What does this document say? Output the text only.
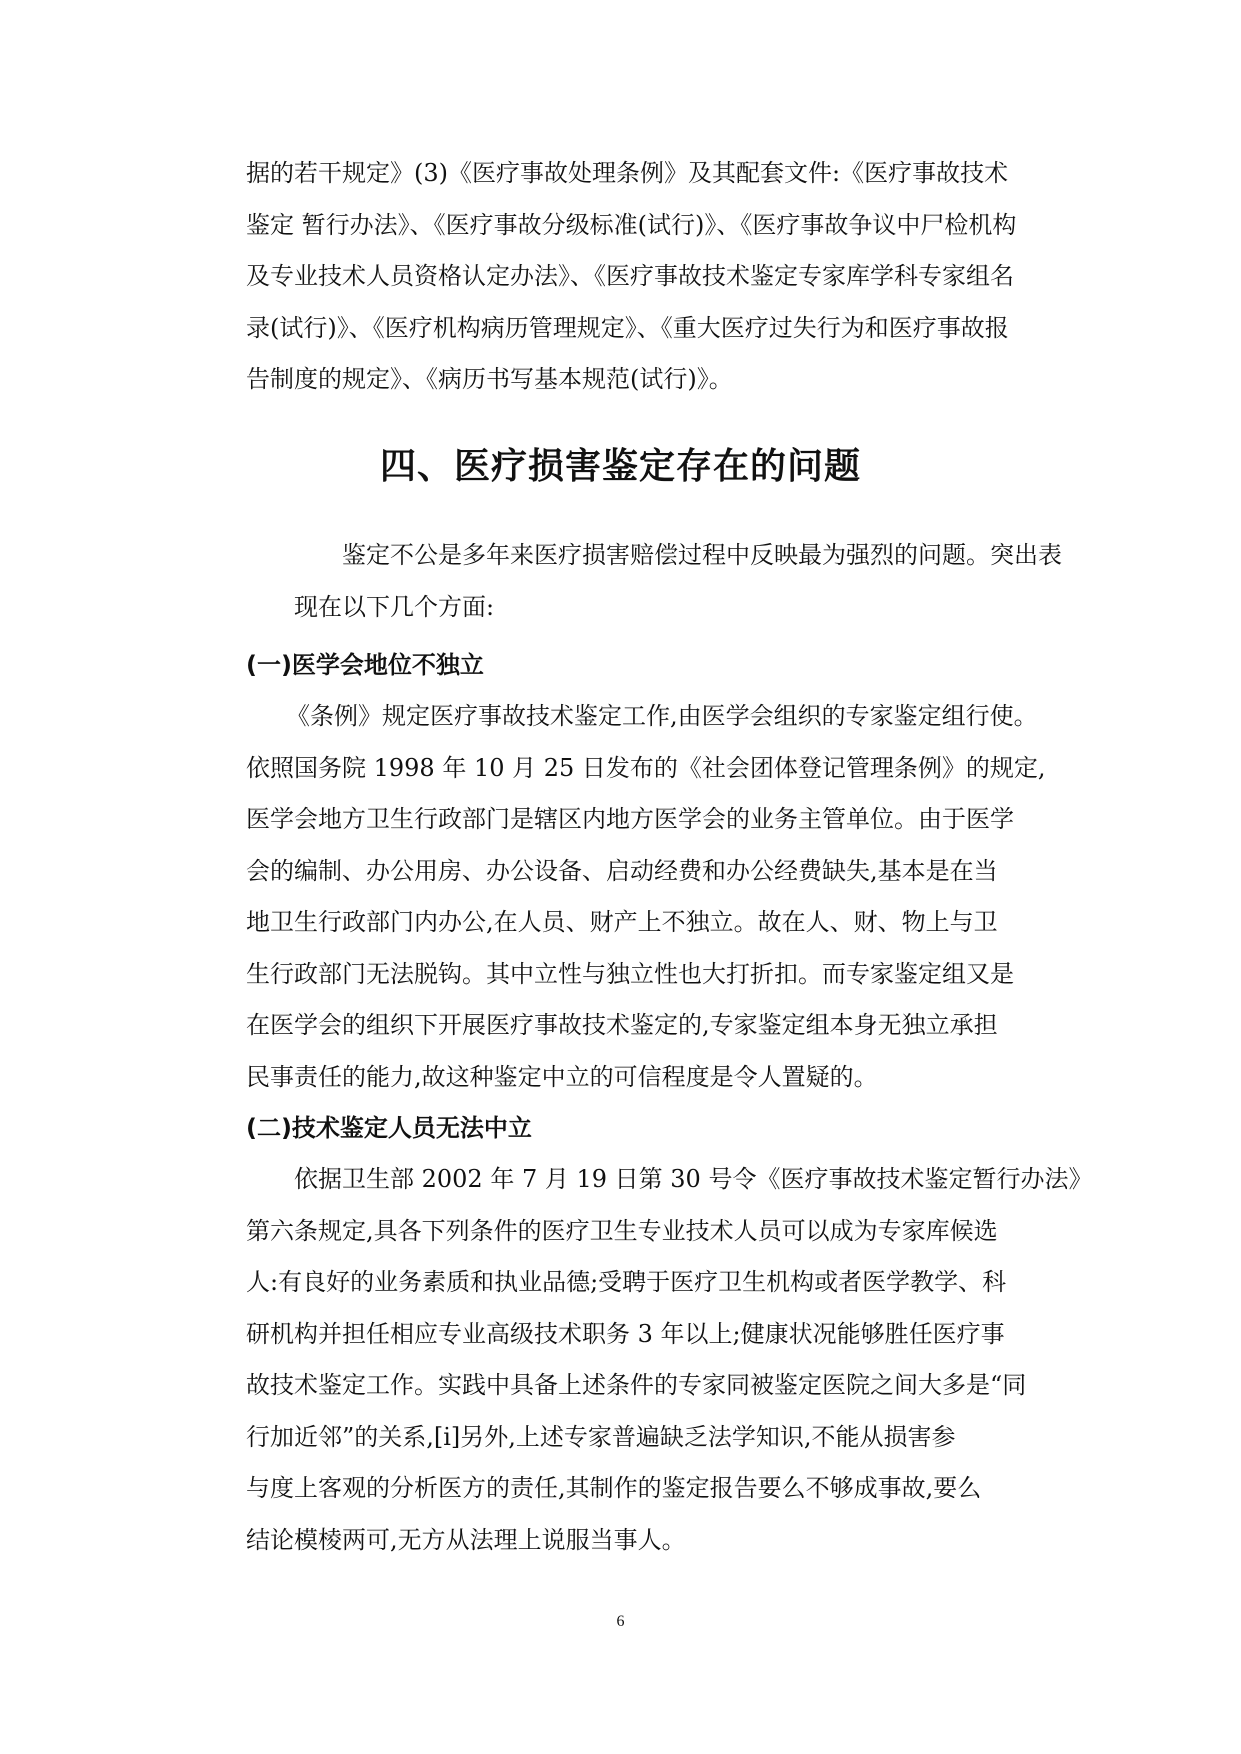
据的若干规定》(3)《医疗事故处理条例》及其配套文件:《医疗事故技术
鉴定 暂行办法》、《医疗事故分级标准(试行)》、《医疗事故争议中尸检机构
及专业技术人员资格认定办法》、《医疗事故技术鉴定专家库学科专家组名
录(试行)》、《医疗机构病历管理规定》、《重大医疗过失行为和医疗事故报
告制度的规定》、《病历书写基本规范(试行)》。
四、医疗损害鉴定存在的问题
鉴定不公是多年来医疗损害赔偿过程中反映最为强烈的问题。突出表
现在以下几个方面:
(一)医学会地位不独立
《条例》规定医疗事故技术鉴定工作,由医学会组织的专家鉴定组行使。
依照国务院 1998 年 10 月 25 日发布的《社会团体登记管理条例》的规定,
医学会地方卫生行政部门是辖区内地方医学会的业务主管单位。由于医学
会的编制、办公用房、办公设备、启动经费和办公经费缺失,基本是在当
地卫生行政部门内办公,在人员、财产上不独立。故在人、财、物上与卫
生行政部门无法脱钩。其中立性与独立性也大打折扣。而专家鉴定组又是
在医学会的组织下开展医疗事故技术鉴定的,专家鉴定组本身无独立承担
民事责任的能力,故这种鉴定中立的可信程度是令人置疑的。
(二)技术鉴定人员无法中立
依据卫生部 2002 年 7 月 19 日第 30 号令《医疗事故技术鉴定暂行办法》
第六条规定,具各下列条件的医疗卫生专业技术人员可以成为专家库候选
人:有良好的业务素质和执业品德;受聘于医疗卫生机构或者医学教学、科
研机构并担任相应专业高级技术职务 3 年以上;健康状况能够胜任医疗事
故技术鉴定工作。实践中具备上述条件的专家同被鉴定医院之间大多是“同
行加近邻”的关系,[i]另外,上述专家普遍缺乏法学知识,不能从损害参
与度上客观的分析医方的责任,其制作的鉴定报告要么不够成事故,要么
结论模棱两可,无方从法理上说服当事人。
6
